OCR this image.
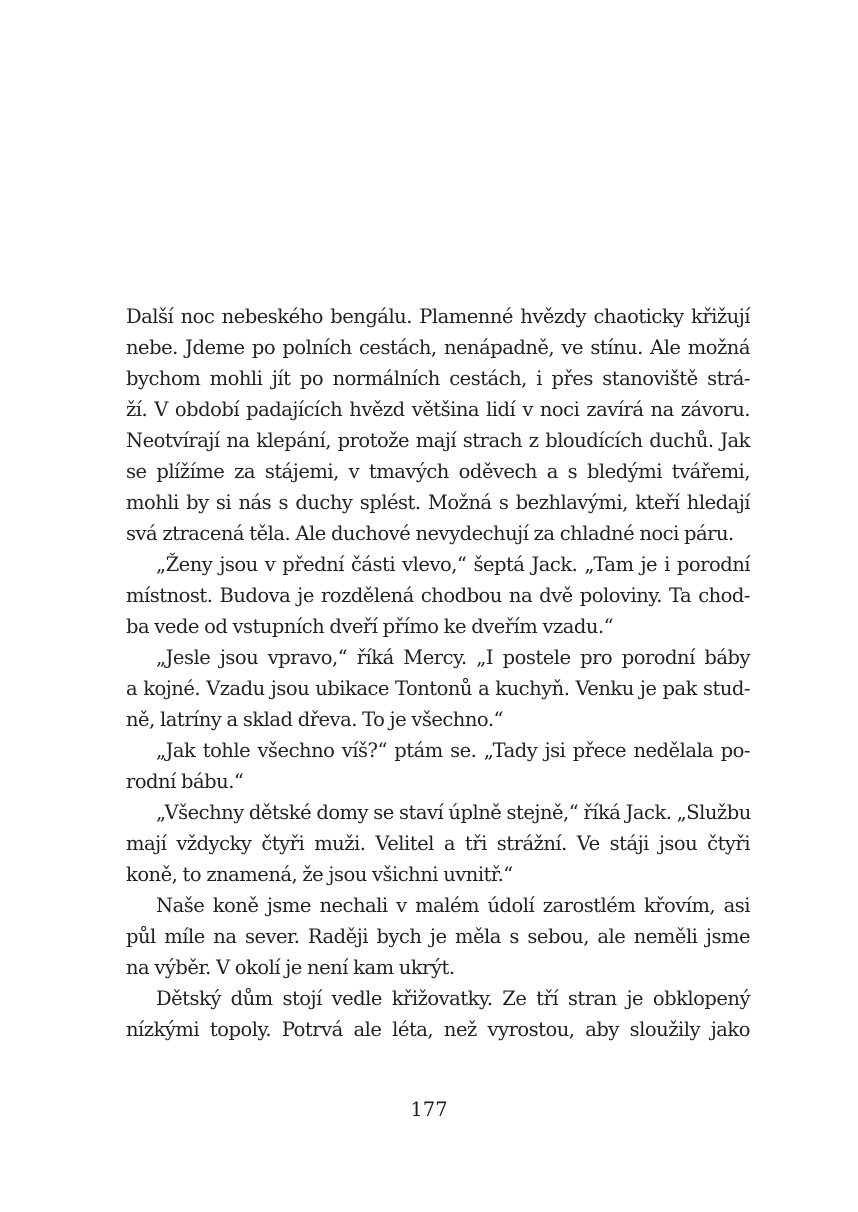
Další noc nebeského bengálu. Plamenné hvězdy chaoticky křižují
nebe. Jdeme po polních cestách, nenápadně, ve stínu. Ale možná
bychom mohli jít po normálních cestách, i přes stanoviště strá-
ží. V období padajících hvězd většina lidí v noci zavírá na závoru.
Neotvírají na klepání, protože mají strach z bloudících duchů. Jak
se plížíme za stájemi, v tmavých oděvech a s bledými tvářemi,
mohli by si nás s duchy splést. Možná s bezhlavými, kteří hledají
svá ztracená těla. Ale duchové nevydechují za chladné noci páru.
„Ženy jsou v přední části vlevo,“ šeptá Jack. „Tam je i porodní
místnost. Budova je rozdělená chodbou na dvě poloviny. Ta chod-
ba vede od vstupních dveří přímo ke dveřím vzadu.“
„Jesle jsou vpravo,“ říká Mercy. „I postele pro porodní báby
a kojné. Vzadu jsou ubikace Tontonů a kuchyň. Venku je pak stud-
ně, latríny a sklad dřeva. To je všechno.“
„Jak tohle všechno víš?“ ptám se. „Tady jsi přece nedělala po-
rodní bábu.“
„Všechny dětské domy se staví úplně stejně,“ říká Jack. „Službu
mají vždycky čtyři muži. Velitel a tři strážní. Ve stáji jsou čtyři
koně, to znamená, že jsou všichni uvnitř.“
Naše koně jsme nechali v malém údolí zarostlém křovím, asi
půl míle na sever. Raději bych je měla s sebou, ale neměli jsme
na výběr. V okolí je není kam ukrýt.
Dětský dům stojí vedle křižovatky. Ze tří stran je obklopený
nízkými topoly. Potrvá ale léta, než vyrostou, aby sloužily jako
177
